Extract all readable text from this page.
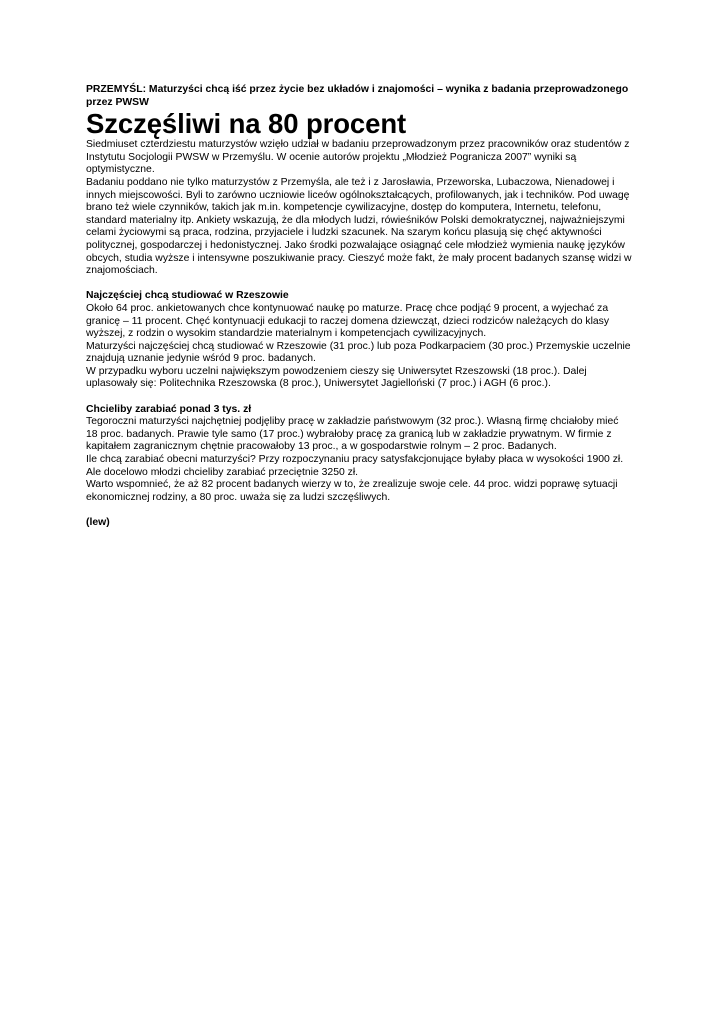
PRZEMYŚL: Maturzyści chcą iść przez życie bez układów i znajomości – wynika z badania przeprowadzonego przez PWSW

Szczęśliwi na 80 procent

Siedmiuset czterdziestu maturzystów wzięło udział w badaniu przeprowadzonym przez pracowników oraz studentów z Instytutu Socjologii PWSW w Przemyślu. W ocenie autorów projektu „Młodzież Pogranicza 2007” wyniki są optymistyczne.

Badaniu poddano nie tylko maturzystów z Przemyśla, ale też i z Jarosławia, Przeworska, Lubaczowa, Nienadowej i innych miejscowości. Byli to zarówno uczniowie liceów ogólnokształcących, profilowanych, jak i techników. Pod uwagę brano też wiele czynników, takich jak m.in. kompetencje cywilizacyjne, dostęp do komputera, Internetu, telefonu, standard materialny itp. Ankiety wskazują, że dla młodych ludzi, rówieśników Polski demokratycznej, najważniejszymi celami życiowymi są praca, rodzina, przyjaciele i ludzki szacunek. Na szarym końcu plasują się chęć aktywności politycznej, gospodarczej i hedonistycznej. Jako środki pozwalające osiągnąć cele młodzież wymienia naukę języków obcych, studia wyższe i intensywne poszukiwanie pracy. Cieszyć może fakt, że mały procent badanych szansę widzi w znajomościach.

Najczęściej chcą studiować w Rzeszowie

Około 64 proc. ankietowanych chce kontynuować naukę po maturze. Pracę chce podjąć 9 procent, a wyjechać za granicę – 11 procent. Chęć kontynuacji edukacji to raczej domena dziewcząt, dzieci rodziców należących do klasy wyższej, z rodzin o wysokim standardzie materialnym i kompetencjach cywilizacyjnych.

Maturzyści najczęściej chcą studiować w Rzeszowie (31 proc.) lub poza Podkarpaciem (30 proc.) Przemyskie uczelnie znajdują uznanie jedynie wśród 9 proc. badanych.

W przypadku wyboru uczelni największym powodzeniem cieszy się Uniwersytet Rzeszowski (18 proc.). Dalej uplasowały się: Politechnika Rzeszowska (8 proc.), Uniwersytet Jagielloński (7 proc.) i AGH (6 proc.).

Chcieliby zarabiać ponad 3 tys. zł

Tegoroczni maturzyści najchętniej podjęliby pracę w zakładzie państwowym (32 proc.). Własną firmę chciałoby mieć 18 proc. badanych. Prawie tyle samo (17 proc.) wybrałoby pracę za granicą lub w zakładzie prywatnym. W firmie z kapitałem zagranicznym chętnie pracowałoby 13 proc., a w gospodarstwie rolnym – 2 proc. Badanych.

Ile chcą zarabiać obecni maturzyści? Przy rozpoczynaniu pracy satysfakcjonujące byłaby płaca w wysokości 1900 zł. Ale docelowo młodzi chcieliby zarabiać przeciętnie 3250 zł.

Warto wspomnieć, że aż 82 procent badanych wierzy w to, że zrealizuje swoje cele. 44 proc. widzi poprawę sytuacji ekonomicznej rodziny, a 80 proc. uważa się za ludzi szczęśliwych.

(lew)
